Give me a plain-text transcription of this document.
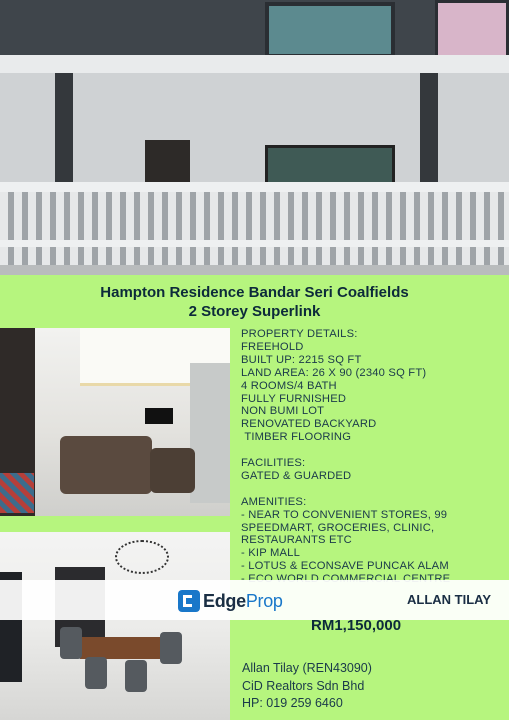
Hampton Residence Bandar Seri Coalfields
2 Storey Superlink
PROPERTY DETAILS:
FREEHOLD
BUILT UP: 2215 SQ FT
LAND AREA: 26 X 90 (2340 SQ FT)
4 ROOMS/4 BATH
FULLY FURNISHED
NON BUMI LOT
RENOVATED BACKYARD
TIMBER FLOORING
FACILITIES:
GATED & GUARDED
AMENITIES:
- NEAR TO CONVENIENT STORES, 99
SPEEDMART, GROCERIES, CLINIC,
RESTAURANTS ETC
- KIP MALL
- LOTUS & ECONSAVE PUNCAK ALAM
EdgeProp	ALLAN TILAY
RM1,150,000
Allan Tilay (REN43090)
CiD Realtors Sdn Bhd
HP: 019 259 6460
